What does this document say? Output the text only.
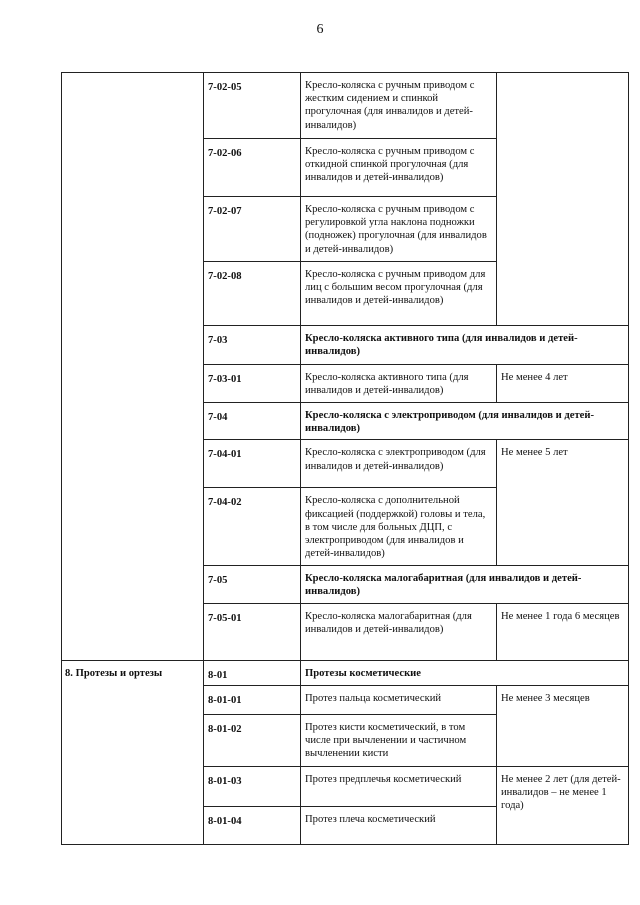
6
	7-02-05	Кресло-коляска с ручным приводом с жестким сидением и спинкой прогулочная (для инвалидов и детей-инвалидов)	
	7-02-06	Кресло-коляска с ручным приводом с откидной спинкой прогулочная (для инвалидов и детей-инвалидов)	
	7-02-07	Кресло-коляска с ручным приводом с регулировкой угла наклона подножки (подножек) прогулочная (для инвалидов и детей-инвалидов)	
	7-02-08	Кресло-коляска с ручным приводом для лиц с большим весом прогулочная (для инвалидов и детей-инвалидов)	
	7-03	Кресло-коляска активного типа (для инвалидов и детей-инвалидов)	
	7-03-01	Кресло-коляска активного типа (для инвалидов и детей-инвалидов)	Не менее 4 лет
	7-04	Кресло-коляска с электроприводом (для инвалидов и детей-инвалидов)	
	7-04-01	Кресло-коляска с электроприводом (для инвалидов и детей-инвалидов)	Не менее 5 лет
	7-04-02	Кресло-коляска с дополнительной фиксацией (поддержкой) головы и тела, в том числе для больных ДЦП, с электроприводом (для инвалидов и детей-инвалидов)	
	7-05	Кресло-коляска малогабаритная (для инвалидов и детей-инвалидов)	
	7-05-01	Кресло-коляска малогабаритная (для инвалидов и детей-инвалидов)	Не менее 1 года 6 месяцев
8. Протезы и ортезы	8-01	Протезы косметические	
	8-01-01	Протез пальца косметический	Не менее 3 месяцев
	8-01-02	Протез кисти косметический, в том числе при вычленении и частичном вычленении кисти	
	8-01-03	Протез предплечья косметический	Не менее 2 лет (для детей-инвалидов – не менее 1 года)
	8-01-04	Протез плеча косметический	
